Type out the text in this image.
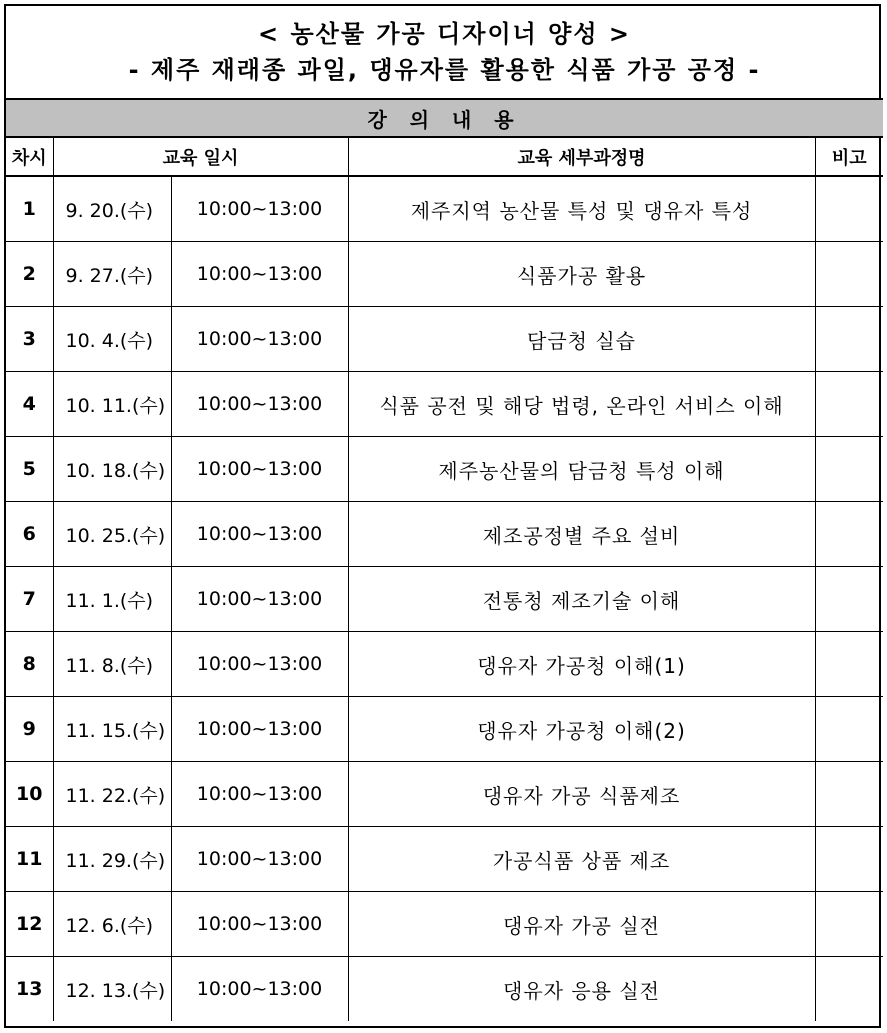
< 농산물 가공 디자이너 양성 >
- 제주 재래종 과일, 댕유자를 활용한 식품 가공 공정 -				

강 의 내 용				
차시	교육 일시		교육 세부과정명	비고
1	9. 20.(수)	10:00~13:00	제주지역 농산물 특성 및 댕유자 특성	
2	9. 27.(수)	10:00~13:00	식품가공 활용	
3	10. 4.(수)	10:00~13:00	담금청 실습	
4	10. 11.(수)	10:00~13:00	식품 공전 및 해당 법령, 온라인 서비스 이해	
5	10. 18.(수)	10:00~13:00	제주농산물의 담금청 특성 이해	
6	10. 25.(수)	10:00~13:00	제조공정별 주요 설비	
7	11. 1.(수)	10:00~13:00	전통청 제조기술 이해	
8	11. 8.(수)	10:00~13:00	댕유자 가공청 이해(1)	
9	11. 15.(수)	10:00~13:00	댕유자 가공청 이해(2)	
10	11. 22.(수)	10:00~13:00	댕유자 가공 식품제조	
11	11. 29.(수)	10:00~13:00	가공식품 상품 제조	
12	12. 6.(수)	10:00~13:00	댕유자 가공 실전	
13	12. 13.(수)	10:00~13:00	댕유자 응용 실전	
